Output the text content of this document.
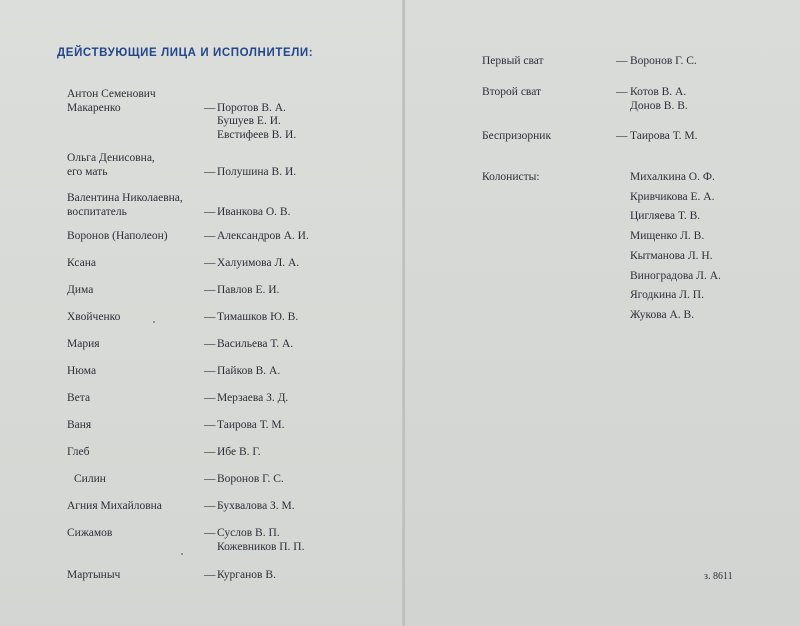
ДЕЙСТВУЮЩИЕ ЛИЦА И ИСПОЛНИТЕЛИ:
Антон Семенович
Макаренко	— Поротов В. А.
Бушуев Е. И.
Евстифеев В. И.
Ольга Денисовна,
его мать	— Полушина В. И.
Валентина Николаевна,
воспитатель	— Иванкова О. В.
Воронов (Наполеон)	— Александров А. И.
Ксана	— Халуимова Л. А.
Дима	— Павлов Е. И.
Хвойченко	— Тимашков Ю. В.
Мария	— Васильева Т. А.
Нюма	— Пайков В. А.
Вета	— Мерзаева З. Д.
Ваня	— Таирова Т. М.
Глеб	— Ибе В. Г.
Силин	— Воронов Г. С.
Агния Михайловна	— Бухвалова З. М.
Сижамов	— Суслов В. П.
Кожевников П. П.
Мартыныч	— Курганов В.
Первый сват	— Воронов Г. С.
Второй сват	— Котов В. А.
Донов В. В.
Беспризорник	— Таирова Т. М.
Колонисты:	Михалкина О. Ф.
Кривчикова Е. А.
Цигляева Т. В.
Мищенко Л. В.
Кытманова Л. Н.
Виноградова Л. А.
Ягодкина Л. П.
Жукова А. В.
з. 8611
